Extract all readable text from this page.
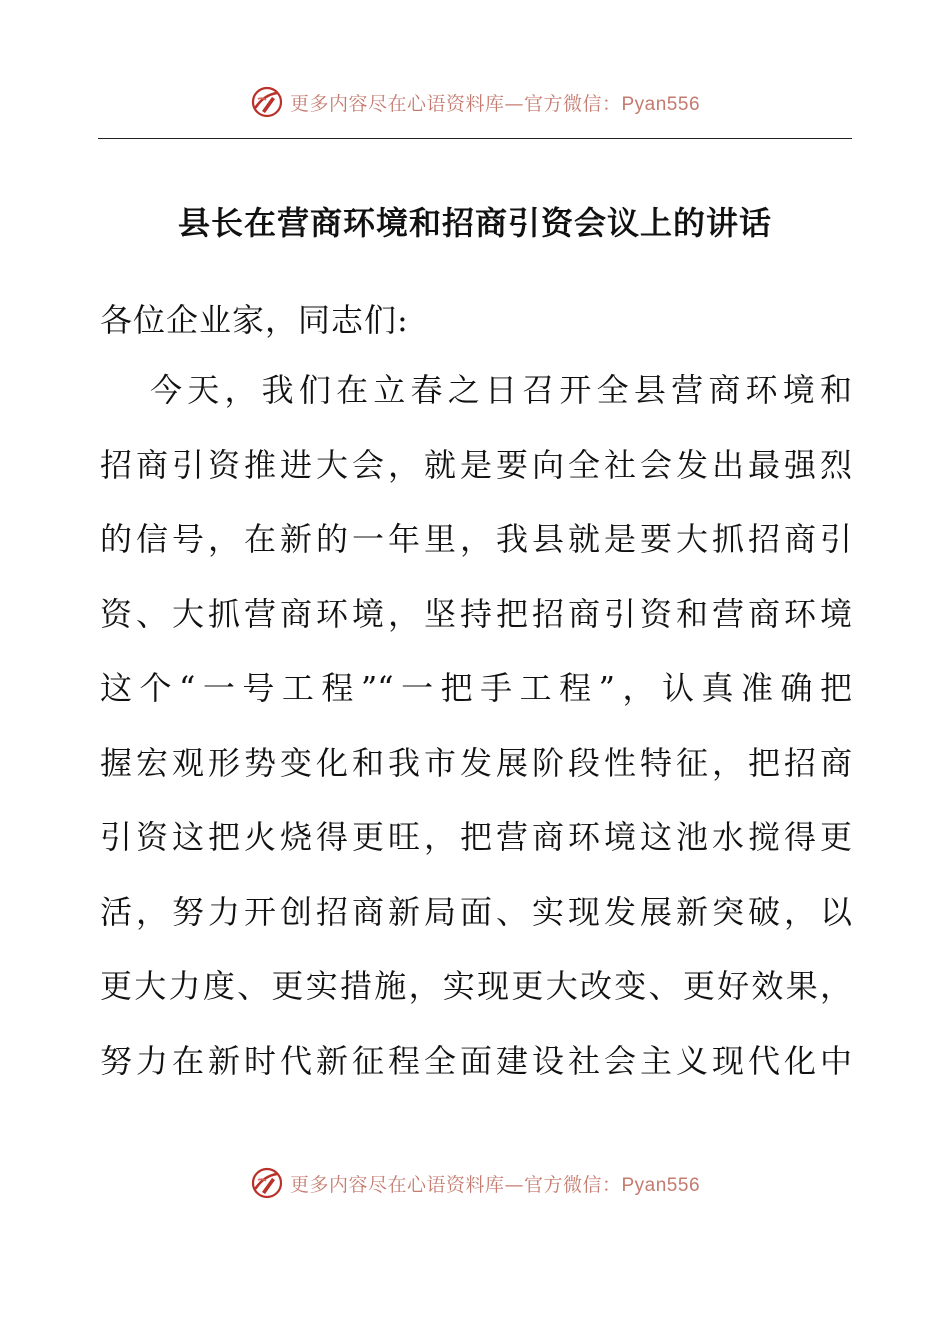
更多内容尽在心语资料库—官方微信：Pyan556
县长在营商环境和招商引资会议上的讲话

各位企业家，同志们:

今天，我们在立春之日召开全县营商环境和
招商引资推进大会，就是要向全社会发出最强烈
的信号，在新的一年里，我县就是要大抓招商引
资、大抓营商环境，坚持把招商引资和营商环境
这个“一号工程”“一把手工程”，认真准确把
握宏观形势变化和我市发展阶段性特征，把招商
引资这把火烧得更旺，把营商环境这池水搅得更
活，努力开创招商新局面、实现发展新突破，以
更大力度、更实措施，实现更大改变、更好效果，
努力在新时代新征程全面建设社会主义现代化中
更多内容尽在心语资料库—官方微信：Pyan556
